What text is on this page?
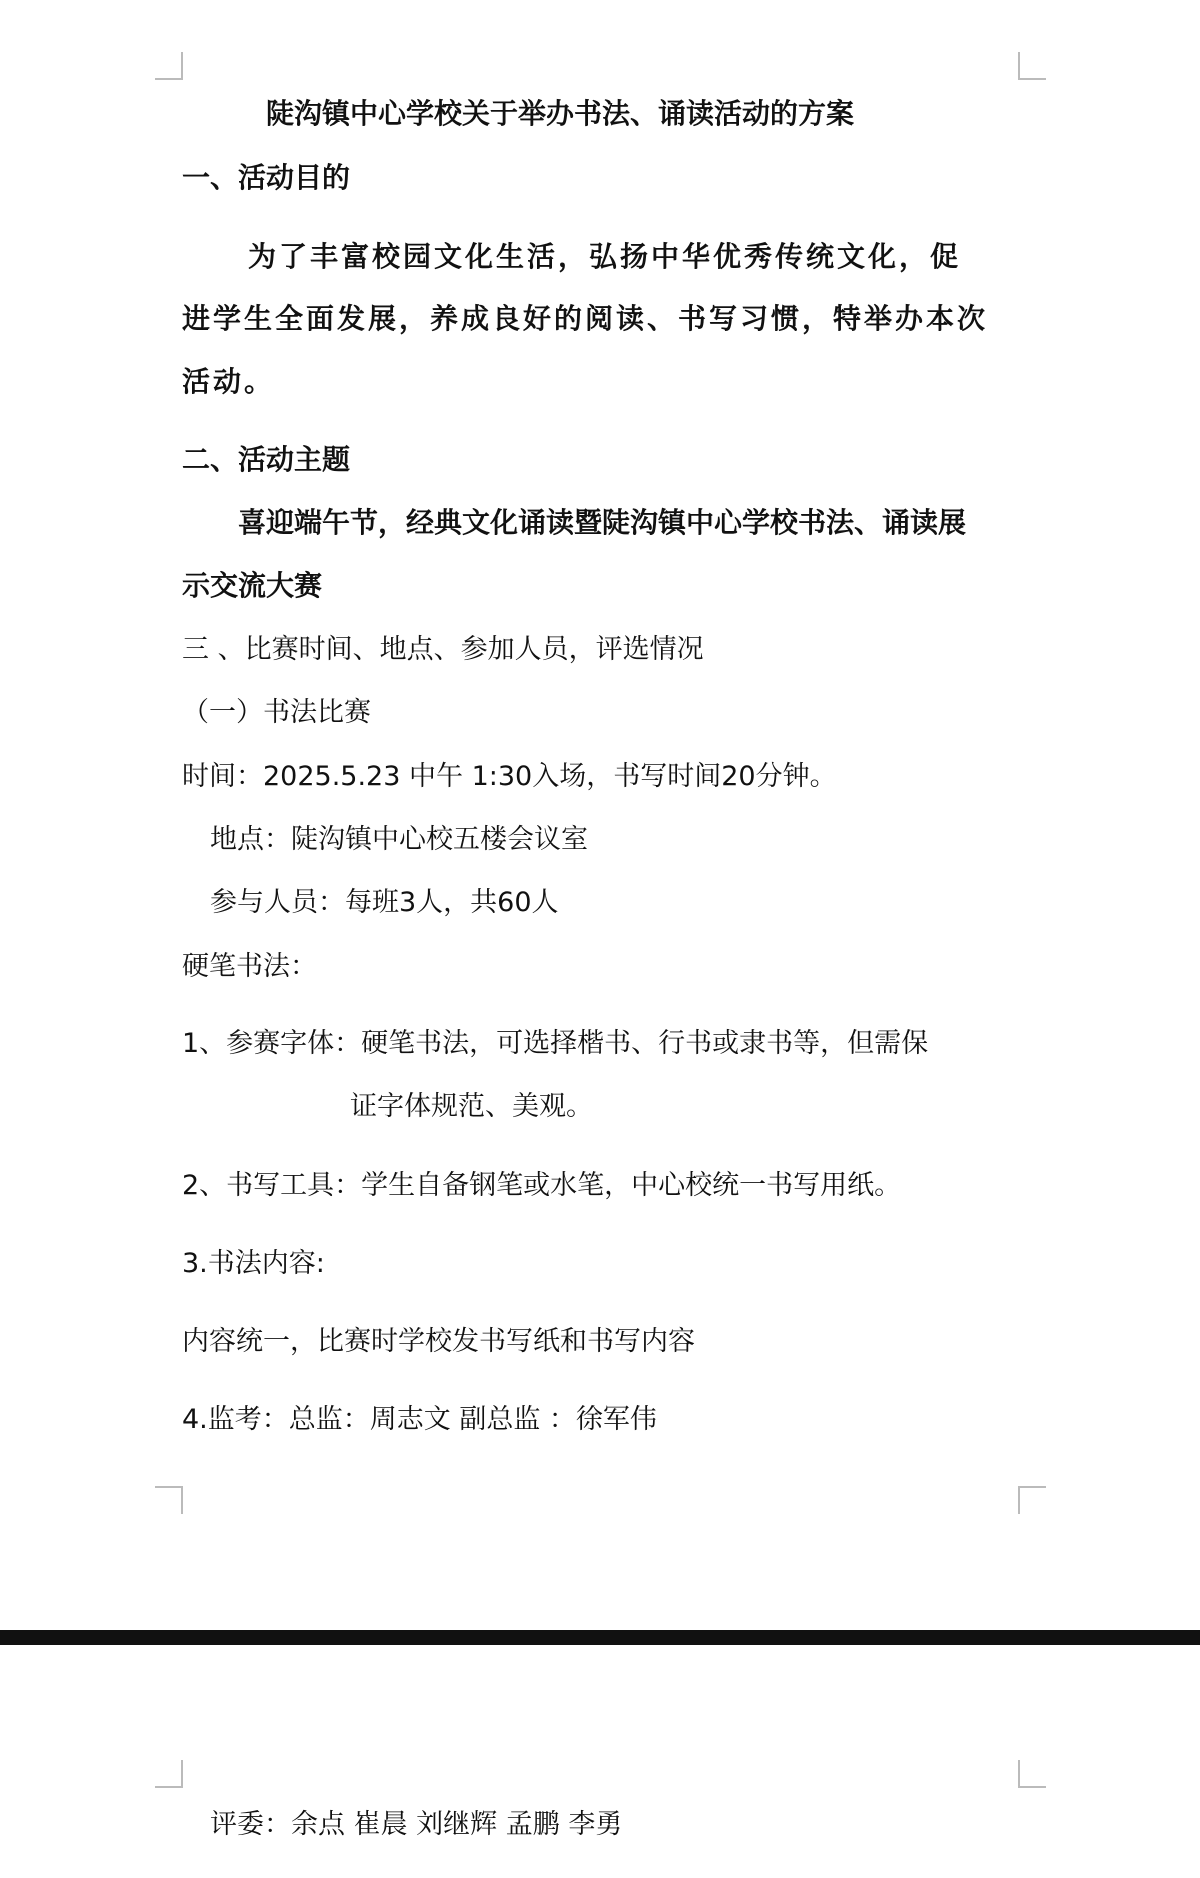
陡沟镇中心学校关于举办书法、诵读活动的方案
一、活动目的
为了丰富校园文化生活，弘扬中华优秀传统文化，促
进学生全面发展，养成良好的阅读、书写习惯，特举办本次
活动。
二、活动主题
喜迎端午节，经典文化诵读暨陡沟镇中心学校书法、诵读展
示交流大赛
三 、比赛时间、地点、参加人员，评选情况
（一）书法比赛
时间：2025.5.23 中午 1:30入场，书写时间20分钟。
地点：陡沟镇中心校五楼会议室
参与人员：每班3人，共60人
硬笔书法：
1、参赛字体：硬笔书法，可选择楷书、行书或隶书等，但需保
证字体规范、美观。
2、书写工具：学生自备钢笔或水笔，中心校统一书写用纸。
3.书法内容:
内容统一，比赛时学校发书写纸和书写内容
4.监考：总监：周志文 副总监 ：徐军伟
评委：余点 崔晨 刘继辉 孟鹏 李勇
